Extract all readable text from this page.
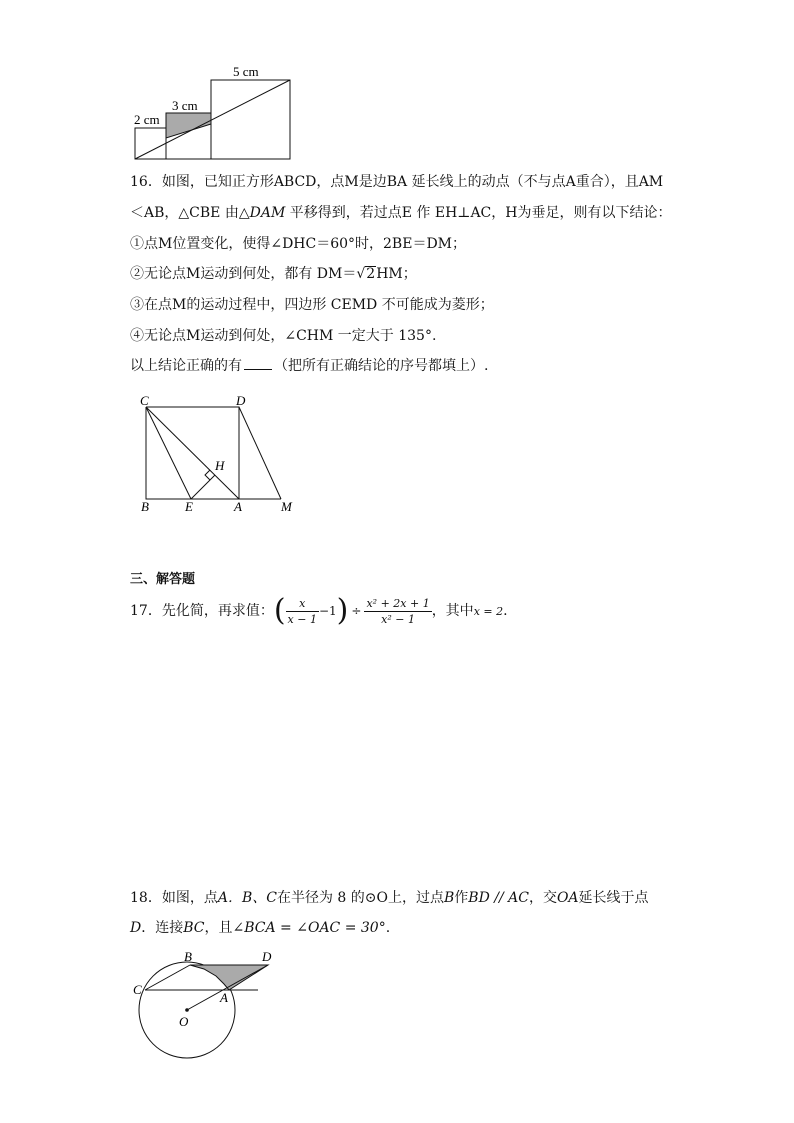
5 cm
3 cm
2 cm
16．如图，已知正方形ABCD，点M是边BA 延长线上的动点（不与点A重合），且AM
＜AB，△CBE 由△DAM 平移得到，若过点E 作 EH⊥AC，H为垂足，则有以下结论：
①点M位置变化，使得∠DHC＝60°时，2BE＝DM；
②无论点M运动到何处，都有 DM＝√2HM；
③在点M的运动过程中，四边形 CEMD 不可能成为菱形；
④无论点M运动到何处，∠CHM 一定大于 135°.
以上结论正确的有 （把所有正确结论的序号都填上）.
C	D
H
B	E	A	M
三、解答题
17．先化简，再求值：( $\frac{x}{x - 1} -1) \div \frac{\text{x² + 2x + 1}}{\text{x² − 1}}$ ，其中x = 2.
18．如图，点A．B、C在半径为 8 的⊙O上，过点B作BD // AC，交OA延长线于点
D．连接BC，且∠BCA = ∠OAC = 30°.
B	D
C
A
O
